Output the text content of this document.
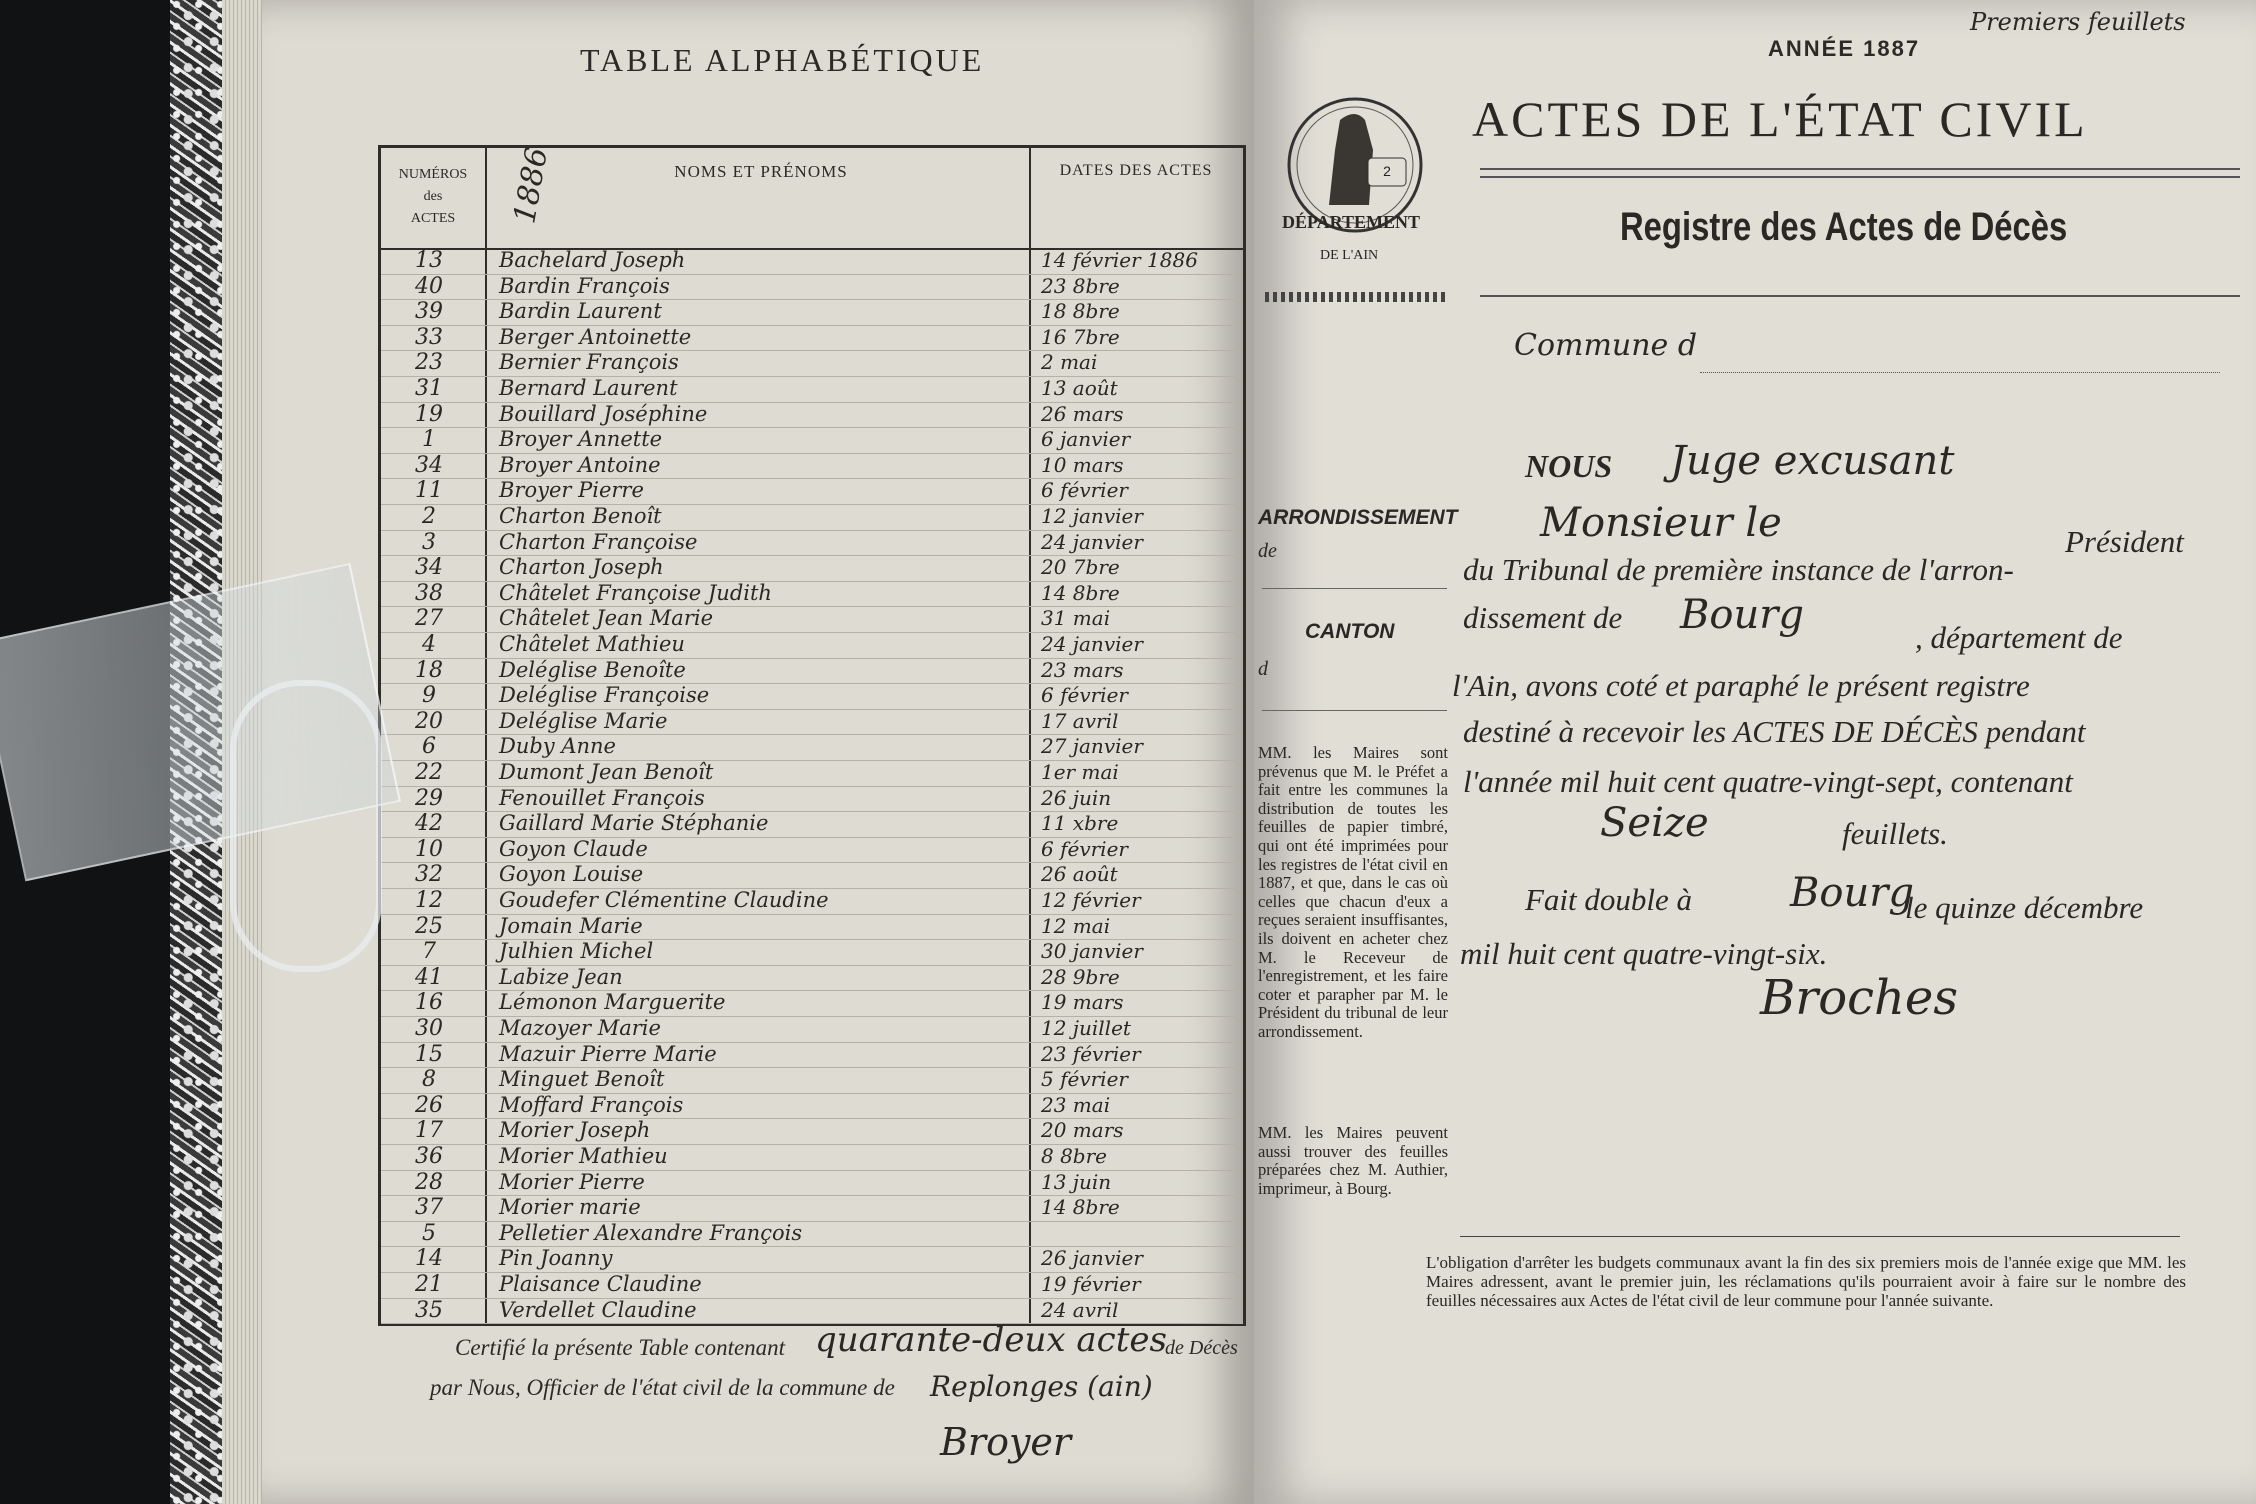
TABLE ALPHABÉTIQUE
NUMÉROS
des
ACTES	1886	NOMS ET PRÉNOMS	DATES DES ACTES
13	Bachelard Joseph	14 février 1886
40	Bardin François	23 8bre
39	Bardin Laurent	18 8bre
33	Berger Antoinette	16 7bre
23	Bernier François	2 mai
31	Bernard Laurent	13 août
19	Bouillard Joséphine	26 mars
1	Broyer Annette	6 janvier
34	Broyer Antoine	10 mars
11	Broyer Pierre	6 février
2	Charton Benoît	12 janvier
3	Charton Françoise	24 janvier
34	Charton Joseph	20 7bre
38	Châtelet Françoise Judith	14 8bre
27	Châtelet Jean Marie	31 mai
4	Châtelet Mathieu	24 janvier
18	Deléglise Benoîte	23 mars
9	Deléglise Françoise	6 février
20	Deléglise Marie	17 avril
6	Duby Anne	27 janvier
22	Dumont Jean Benoît	1er mai
29	Fenouillet François	26 juin
42	Gaillard Marie Stéphanie	11 xbre
10	Goyon Claude	6 février
32	Goyon Louise	26 août
12	Goudefer Clémentine Claudine	12 février
25	Jomain Marie	12 mai
7	Julhien Michel	30 janvier
41	Labize Jean	28 9bre
16	Lémonon Marguerite	19 mars
30	Mazoyer Marie	12 juillet
15	Mazuir Pierre Marie	23 février
8	Minguet Benoît	5 février
26	Moffard François	23 mai
17	Morier Joseph	20 mars
36	Morier Mathieu	8 8bre
28	Morier Pierre	13 juin
37	Morier marie	14 8bre
5	Pelletier Alexandre François
14	Pin Joanny	26 janvier
21	Plaisance Claudine	19 février
35	Verdellet Claudine	24 avril
Certifié la présente Table contenant quarante-deux actes
de Décès
par Nous, Officier de l'état civil de la commune de Replonges (ain)
Broyer
2
DÉPARTEMENT
DE L'AIN
ANNÉE 1887
Premiers feuillets
ACTES DE L'ÉTAT CIVIL
Registre des Actes de Décès
Commune d
ARRONDISSEMENT
de
CANTON
d
MM. les Maires sont prévenus que M. le Préfet a fait entre les communes la distribution de toutes les feuilles de papier timbré, qui ont été imprimées pour les registres de l'état civil en 1887, et que, dans le cas où celles que chacun d'eux a reçues seraient insuffisantes, ils doivent en acheter chez M. le Receveur de l'enregistrement, et les faire coter et parapher par M. le Président du tribunal de leur arrondissement.
MM. les Maires peuvent aussi trouver des feuilles préparées chez M. Authier, imprimeur, à Bourg.
NOUS Juge excusant
Monsieur le	Président
du Tribunal de première instance de l'arron-
dissement de Bourg	, département de
l'Ain, avons coté et paraphé le présent registre
destiné à recevoir les ACTES DE DÉCÈS pendant
l'année mil huit cent quatre-vingt-sept, contenant
Seize	feuillets.
Fait double à Bourg
le quinze décembre
mil huit cent quatre-vingt-six.
Broches
L'obligation d'arrêter les budgets communaux avant la fin des six premiers mois de l'année exige que MM. les Maires adressent, avant le premier juin, les réclamations qu'ils pourraient avoir à faire sur le nombre des feuilles nécessaires aux Actes de l'état civil de leur commune pour l'année suivante.
